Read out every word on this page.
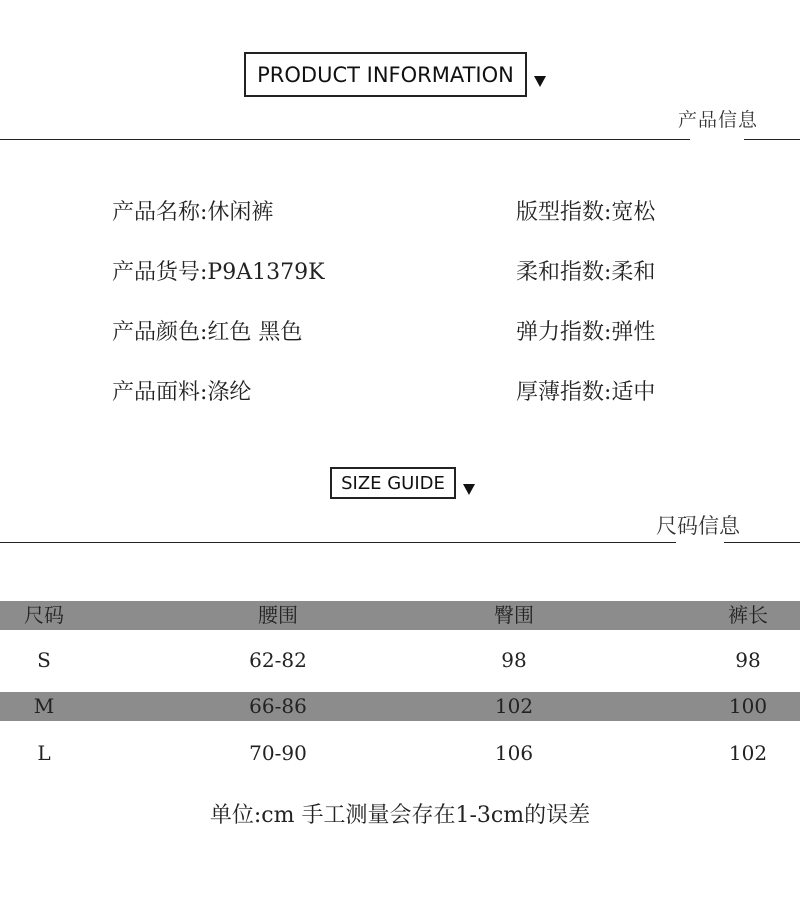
PRODUCT INFORMATION
产品信息
产品名称:休闲裤
产品货号:P9A1379K
产品颜色:红色 黑色
产品面料:涤纶
版型指数:宽松
柔和指数:柔和
弹力指数:弹性
厚薄指数:适中
SIZE GUIDE
尺码信息
尺码	腰围	臀围	裤长
S	62-82	98	98
M	66-86	102	100
L	70-90	106	102
单位:cm 手工测量会存在1-3cm的误差
